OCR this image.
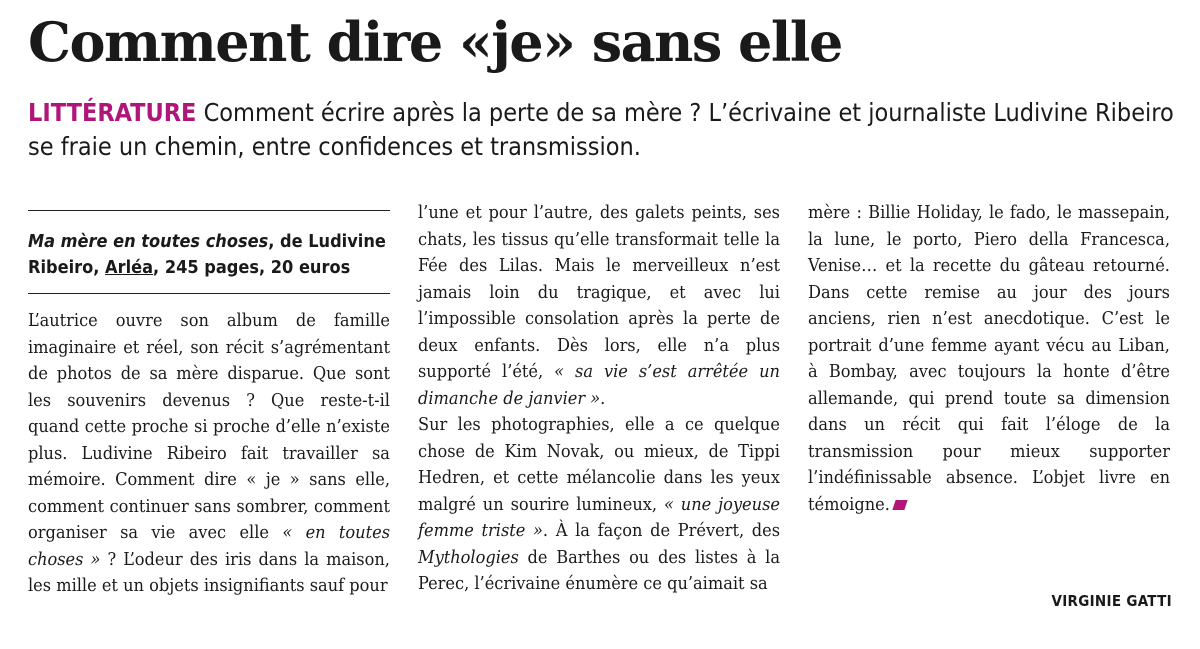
Comment dire «je» sans elle

LITTÉRATURE Comment écrire après la perte de sa mère ? L’écrivaine et journaliste Ludivine Ribeiro se fraie un chemin, entre confidences et transmission.

Ma mère en toutes choses, de Ludivine Ribeiro, Arléa, 245 pages, 20 euros

L’autrice ouvre son album de famille imaginaire et réel, son récit s’agrémentant de photos de sa mère disparue. Que sont les souvenirs devenus ? Que reste-t-il quand cette proche si proche d’elle n’existe plus. Ludivine Ribeiro fait travailler sa mémoire. Comment dire « je » sans elle, comment continuer sans sombrer, comment organiser sa vie avec elle « en toutes choses » ? L’odeur des iris dans la maison, les mille et un objets insignifiants sauf pour

l’une et pour l’autre, des galets peints, ses chats, les tissus qu’elle transformait telle la Fée des Lilas. Mais le merveilleux n’est jamais loin du tragique, et avec lui l’impossible consolation après la perte de deux enfants. Dès lors, elle n’a plus supporté l’été, « sa vie s’est arrêtée un dimanche de janvier ».

Sur les photographies, elle a ce quelque chose de Kim Novak, ou mieux, de Tippi Hedren, et cette mélancolie dans les yeux malgré un sourire lumineux, « une joyeuse femme triste ». À la façon de Prévert, des Mythologies de Barthes ou des listes à la Perec, l’écrivaine énumère ce qu’aimait sa

mère : Billie Holiday, le fado, le massepain, la lune, le porto, Piero della Francesca, Venise… et la recette du gâteau retourné. Dans cette remise au jour des jours anciens, rien n’est anecdotique. C’est le portrait d’une femme ayant vécu au Liban, à Bombay, avec toujours la honte d’être allemande, qui prend toute sa dimension dans un récit qui fait l’éloge de la transmission pour mieux supporter l’indéfinissable absence. L’objet livre en témoigne.

VIRGINIE GATTI
